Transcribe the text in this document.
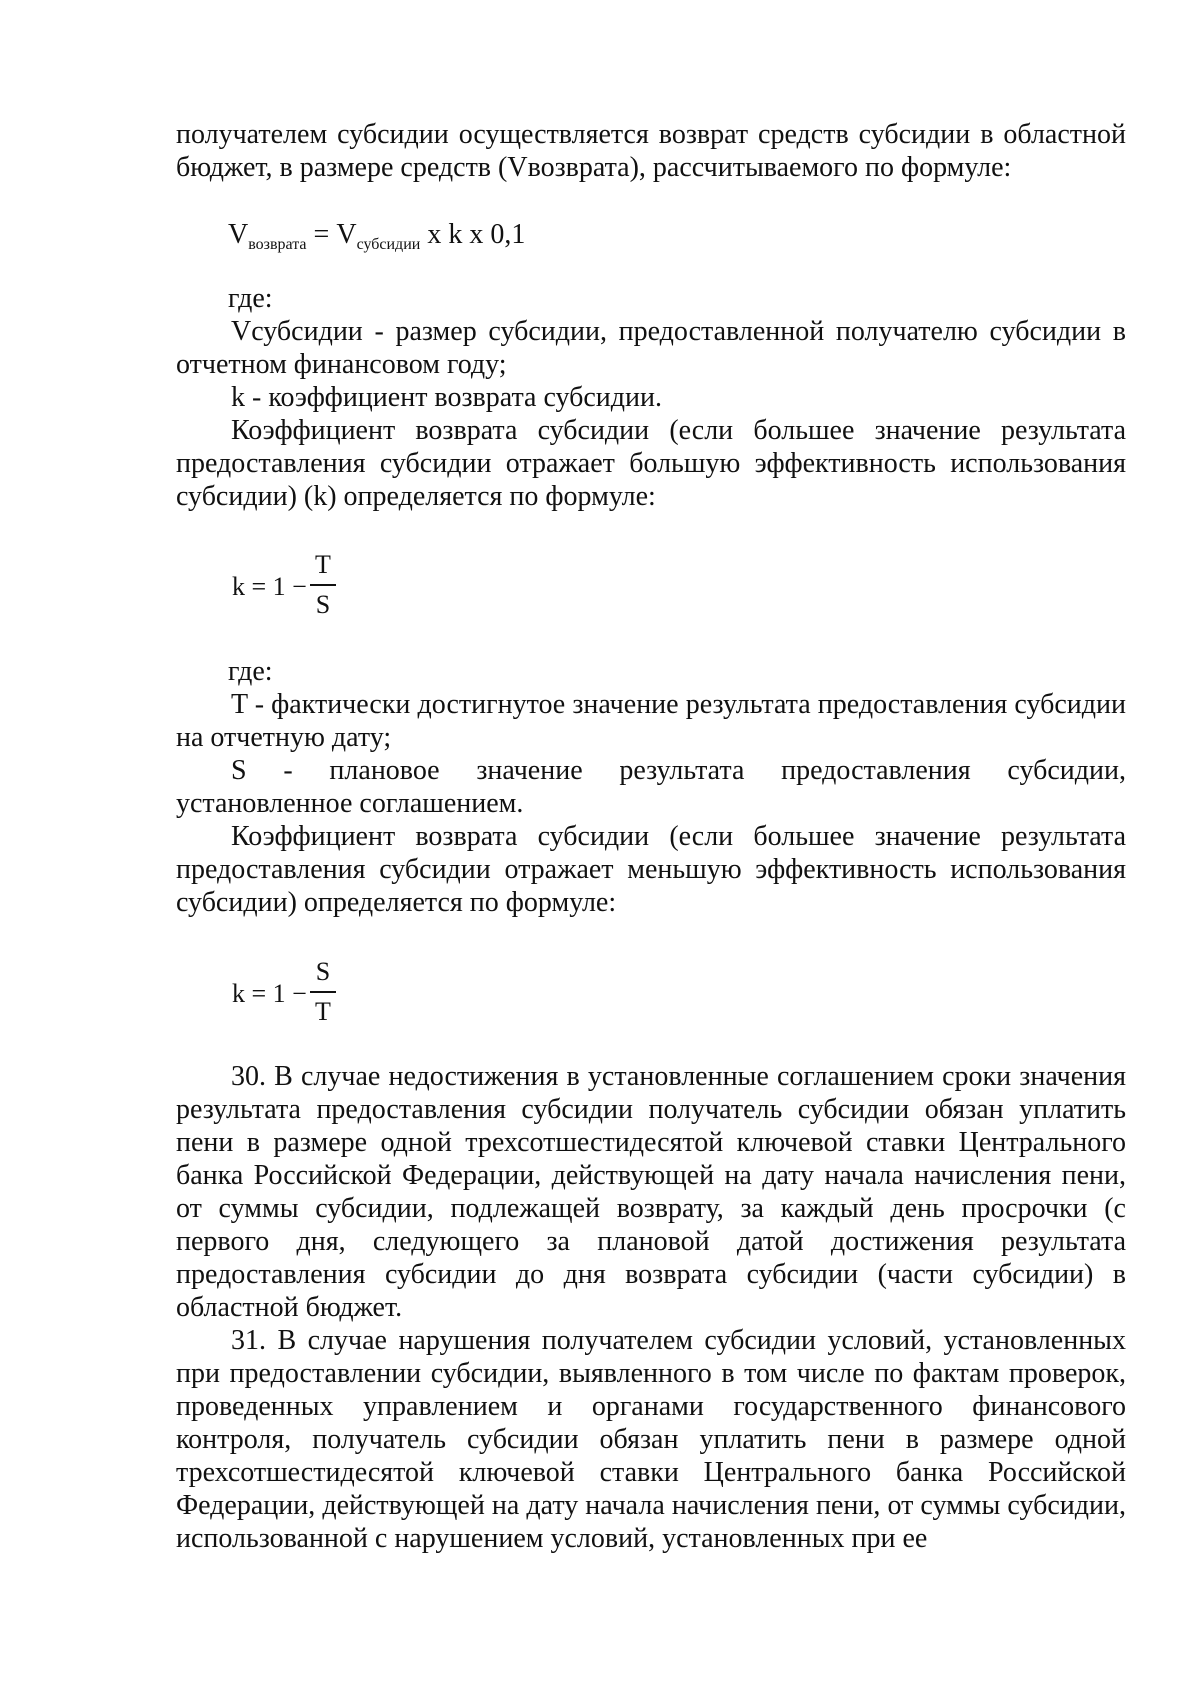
получателем субсидии осуществляется возврат средств субсидии в областной бюджет, в размере средств (Vвозврата), рассчитываемого по формуле:

$V_{возврата} = V_{субсидии}$ x k x 0,1
где:

Vсубсидии - размер субсидии, предоставленной получателю субсидии в отчетном финансовом году;

k - коэффициент возврата субсидии.

Коэффициент возврата субсидии (если большее значение результата предоставления субсидии отражает большую эффективность использования субсидии) (k) определяется по формуле:

k = 1 −
T
S
где:

T - фактически достигнутое значение результата предоставления субсидии на отчетную дату;

S - плановое значение результата предоставления субсидии, установленное соглашением.

Коэффициент возврата субсидии (если большее значение результата предоставления субсидии отражает меньшую эффективность использования субсидии) определяется по формуле:

k = 1 −
S
T

30. В случае недостижения в установленные соглашением сроки значения результата предоставления субсидии получатель субсидии обязан уплатить пени в размере одной трехсотшестидесятой ключевой ставки Центрального банка Российской Федерации, действующей на дату начала начисления пени, от суммы субсидии, подлежащей возврату, за каждый день просрочки (с первого дня, следующего за плановой датой достижения результата предоставления субсидии до дня возврата субсидии (части субсидии) в областной бюджет.

31. В случае нарушения получателем субсидии условий, установленных при предоставлении субсидии, выявленного в том числе по фактам проверок, проведенных управлением и органами государственного финансового контроля, получатель субсидии обязан уплатить пени в размере одной трехсотшестидесятой ключевой ставки Центрального банка Российской Федерации, действующей на дату начала начисления пени, от суммы субсидии, использованной с нарушением условий, установленных при ее
